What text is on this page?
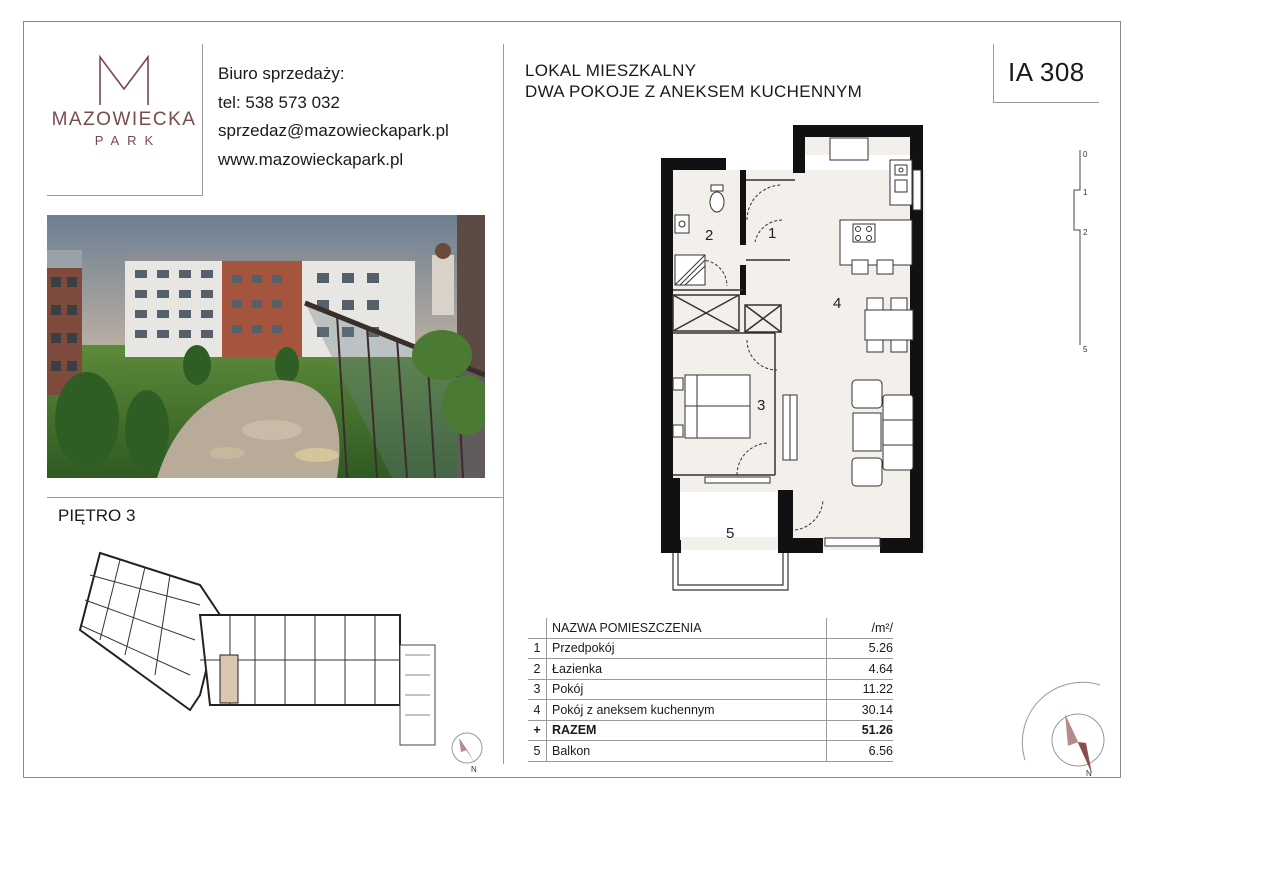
MAZOWIECKA
PARK
Biuro sprzedaży:
tel: 538 573 032
sprzedaz@mazowieckapark.pl
www.mazowieckapark.pl
PIĘTRO 3
N
LOKAL MIESZKALNY
DWA POKOJE Z ANEKSEM KUCHENNYM
IA 308
1
2
3
4
5
0
1
2
5
	NAZWA POMIESZCZENIA	/m²/
1	Przedpokój	5.26
2	Łazienka	4.64
3	Pokój	11.22
4	Pokój z aneksem kuchennym	30.14
+	RAZEM	51.26
5	Balkon	6.56
N
